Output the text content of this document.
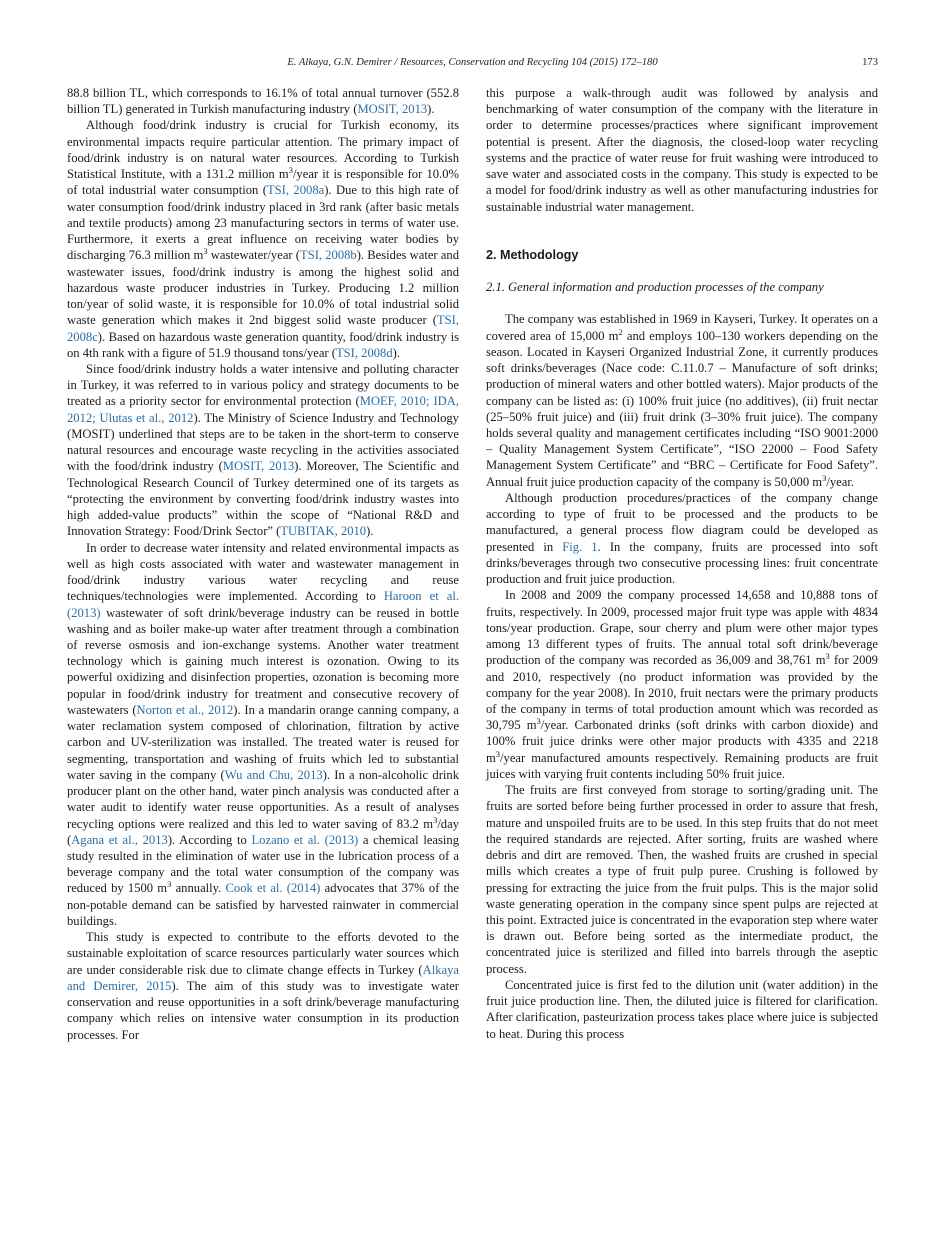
E. Alkaya, G.N. Demirer / Resources, Conservation and Recycling 104 (2015) 172–180	173

88.8 billion TL, which corresponds to 16.1% of total annual turnover (552.8 billion TL) generated in Turkish manufacturing industry (MOSIT, 2013).

Although food/drink industry is crucial for Turkish economy, its environmental impacts require particular attention. The primary impact of food/drink industry is on natural water resources. According to Turkish Statistical Institute, with a 131.2 million $m^3$/year it is responsible for 10.0% of total industrial water consumption (TSI, 2008a). Due to this high rate of water consumption food/drink industry placed in 3rd rank (after basic metals and textile products) among 23 manufacturing sectors in terms of water use. Furthermore, it exerts a great influence on receiving water bodies by discharging 76.3 million $m^3$ wastewater/year (TSI, 2008b). Besides water and wastewater issues, food/drink industry is among the highest solid and hazardous waste producer industries in Turkey. Producing 1.2 million ton/year of solid waste, it is responsible for 10.0% of total industrial solid waste generation which makes it 2nd biggest solid waste producer (TSI, 2008c). Based on hazardous waste generation quantity, food/drink industry is on 4th rank with a figure of 51.9 thousand tons/year (TSI, 2008d).

Since food/drink industry holds a water intensive and polluting character in Turkey, it was referred to in various policy and strategy documents to be treated as a priority sector for environmental protection (MOEF, 2010; IDA, 2012; Ulutas et al., 2012). The Ministry of Science Industry and Technology (MOSIT) underlined that steps are to be taken in the short-term to conserve natural resources and encourage waste recycling in the activities associated with the food/drink industry (MOSIT, 2013). Moreover, The Scientific and Technological Research Council of Turkey determined one of its targets as “protecting the environment by converting food/drink industry wastes into high added-value products” within the scope of “National R&D and Innovation Strategy: Food/Drink Sector” (TUBITAK, 2010).

In order to decrease water intensity and related environmental impacts as well as high costs associated with water and wastewater management in food/drink industry various water recycling and reuse techniques/technologies were implemented. According to Haroon et al. (2013) wastewater of soft drink/beverage industry can be reused in bottle washing and as boiler make-up water after treatment through a combination of reverse osmosis and ion-exchange systems. Another water treatment technology which is gaining much interest is ozonation. Owing to its powerful oxidizing and disinfection properties, ozonation is becoming more popular in food/drink industry for treatment and consecutive recovery of wastewaters (Norton et al., 2012). In a mandarin orange canning company, a water reclamation system composed of chlorination, filtration by active carbon and UV-sterilization was installed. The treated water is reused for segmenting, transportation and washing of fruits which led to substantial water saving in the company (Wu and Chu, 2013). In a non-alcoholic drink producer plant on the other hand, water pinch analysis was conducted after a water audit to identify water reuse opportunities. As a result of analyses recycling options were realized and this led to water saving of 83.2 $m^3$/day (Agana et al., 2013). According to Lozano et al. (2013) a chemical leasing study resulted in the elimination of water use in the lubrication process of a beverage company and the total water consumption of the company was reduced by 1500 $m^3$ annually. Cook et al. (2014) advocates that 37% of the non-potable demand can be satisfied by harvested rainwater in commercial buildings.

This study is expected to contribute to the efforts devoted to the sustainable exploitation of scarce resources particularly water sources which are under considerable risk due to climate change effects in Turkey (Alkaya and Demirer, 2015). The aim of this study was to investigate water conservation and reuse opportunities in a soft drink/beverage manufacturing company which relies on intensive water consumption in its production processes. For

this purpose a walk-through audit was followed by analysis and benchmarking of water consumption of the company with the literature in order to determine processes/practices where significant improvement potential is present. After the diagnosis, the closed-loop water recycling systems and the practice of water reuse for fruit washing were introduced to save water and associated costs in the company. This study is expected to be a model for food/drink industry as well as other manufacturing industries for sustainable industrial water management.

2. Methodology
2.1. General information and production processes of the company

The company was established in 1969 in Kayseri, Turkey. It operates on a covered area of 15,000 $m^2$ and employs 100–130 workers depending on the season. Located in Kayseri Organized Industrial Zone, it currently produces soft drinks/beverages (Nace code: C.11.0.7 – Manufacture of soft drinks; production of mineral waters and other bottled waters). Major products of the company can be listed as: (i) 100% fruit juice (no additives), (ii) fruit nectar (25–50% fruit juice) and (iii) fruit drink (3–30% fruit juice). The company holds several quality and management certificates including “ISO 9001:2000 – Quality Management System Certificate”, “ISO 22000 – Food Safety Management System Certificate” and “BRC – Certificate for Food Safety”. Annual fruit juice production capacity of the company is 50,000 $m^3$/year.

Although production procedures/practices of the company change according to type of fruit to be processed and the products to be manufactured, a general process flow diagram could be developed as presented in Fig. 1. In the company, fruits are processed into soft drinks/beverages through two consecutive processing lines: fruit concentrate production and fruit juice production.

In 2008 and 2009 the company processed 14,658 and 10,888 tons of fruits, respectively. In 2009, processed major fruit type was apple with 4834 tons/year production. Grape, sour cherry and plum were other major types among 13 different types of fruits. The annual total soft drink/beverage production of the company was recorded as 36,009 and 38,761 $m^3$ for 2009 and 2010, respectively (no product information was provided by the company for the year 2008). In 2010, fruit nectars were the primary products of the company in terms of total production amount which was recorded as 30,795 $m^3$/year. Carbonated drinks (soft drinks with carbon dioxide) and 100% fruit juice drinks were other major products with 4335 and 2218 $m^3$/year manufactured amounts respectively. Remaining products are fruit juices with varying fruit contents including 50% fruit juice.

The fruits are first conveyed from storage to sorting/grading unit. The fruits are sorted before being further processed in order to assure that fresh, mature and unspoiled fruits are to be used. In this step fruits that do not meet the required standards are rejected. After sorting, fruits are washed where debris and dirt are removed. Then, the washed fruits are crushed in special mills which creates a type of fruit pulp puree. Crushing is followed by pressing for extracting the juice from the fruit pulps. This is the major solid waste generating operation in the company since spent pulps are rejected at this point. Extracted juice is concentrated in the evaporation step where water is drawn out. Before being sorted as the intermediate product, the concentrated juice is sterilized and filled into barrels through the aseptic process.

Concentrated juice is first fed to the dilution unit (water addition) in the fruit juice production line. Then, the diluted juice is filtered for clarification. After clarification, pasteurization process takes place where juice is subjected to heat. During this process
